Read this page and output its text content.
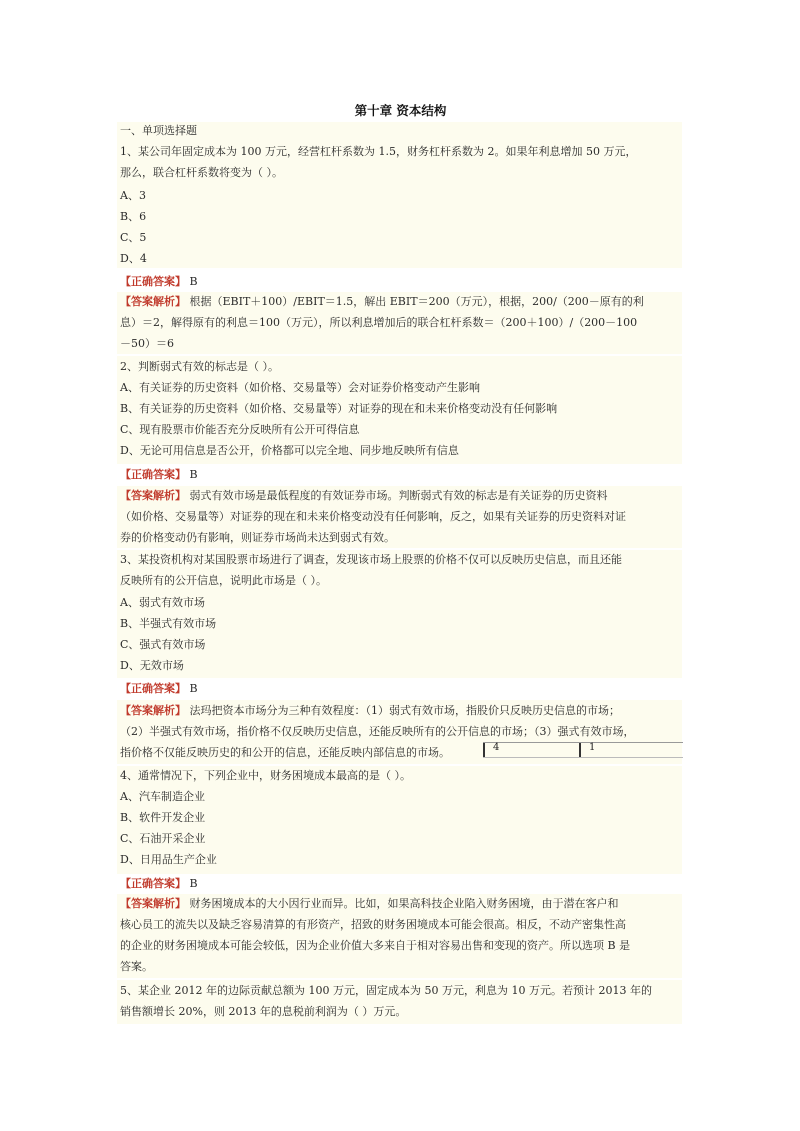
第十章 资本结构
一、单项选择题
1、某公司年固定成本为 100 万元，经营杠杆系数为 1.5，财务杠杆系数为 2。如果年利息增加 50 万元，
那么，联合杠杆系数将变为（ ）。
A、3
B、6
C、5
D、4
【正确答案】 B
【答案解析】 根据（EBIT＋100）/EBIT＝1.5，解出 EBIT＝200（万元），根据，200/（200－原有的利
息）＝2，解得原有的利息＝100（万元），所以利息增加后的联合杠杆系数＝（200＋100）/（200－100
－50）＝6
2、判断弱式有效的标志是（ ）。
A、有关证券的历史资料（如价格、交易量等）会对证券价格变动产生影响
B、有关证券的历史资料（如价格、交易量等）对证券的现在和未来价格变动没有任何影响
C、现有股票市价能否充分反映所有公开可得信息
D、无论可用信息是否公开，价格都可以完全地、同步地反映所有信息
【正确答案】 B
【答案解析】 弱式有效市场是最低程度的有效证券市场。判断弱式有效的标志是有关证券的历史资料
（如价格、交易量等）对证券的现在和未来价格变动没有任何影响，反之，如果有关证券的历史资料对证
券的价格变动仍有影响，则证券市场尚未达到弱式有效。
3、某投资机构对某国股票市场进行了调查，发现该市场上股票的价格不仅可以反映历史信息，而且还能
反映所有的公开信息，说明此市场是（ ）。
A、弱式有效市场
B、半强式有效市场
C、强式有效市场
D、无效市场
【正确答案】 B
【答案解析】 法玛把资本市场分为三种有效程度：（1）弱式有效市场，指股价只反映历史信息的市场；
（2）半强式有效市场，指价格不仅反映历史信息，还能反映所有的公开信息的市场；（3）强式有效市场，
指价格不仅能反映历史的和公开的信息，还能反映内部信息的市场。	4	1
4、通常情况下，下列企业中，财务困境成本最高的是（ ）。
A、汽车制造企业
B、软件开发企业
C、石油开采企业
D、日用品生产企业
【正确答案】 B
【答案解析】 财务困境成本的大小因行业而异。比如，如果高科技企业陷入财务困境，由于潜在客户和
核心员工的流失以及缺乏容易清算的有形资产，招致的财务困境成本可能会很高。相反，不动产密集性高
的企业的财务困境成本可能会较低，因为企业价值大多来自于相对容易出售和变现的资产。所以选项 B 是
答案。
5、某企业 2012 年的边际贡献总额为 100 万元，固定成本为 50 万元，利息为 10 万元。若预计 2013 年的
销售额增长 20%，则 2013 年的息税前利润为（ ）万元。
